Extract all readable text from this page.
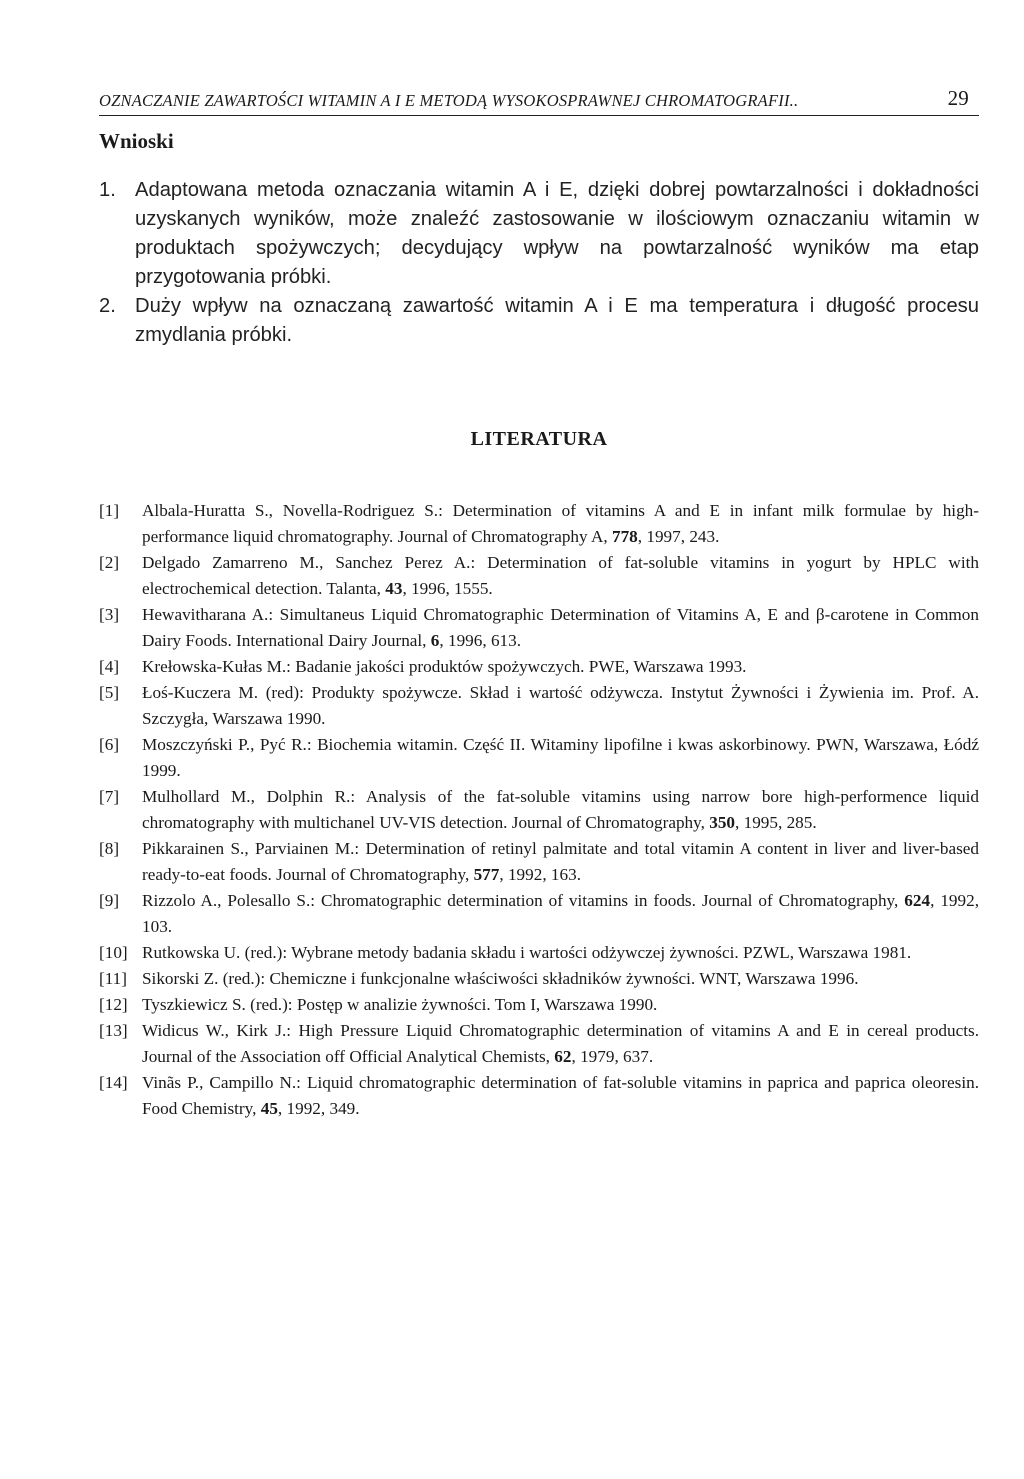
OZNACZANIE ZAWARTOŚCI WITAMIN A I E METODĄ WYSOKOSPRAWNEJ CHROMATOGRAFII..	29
Wnioski
1. Adaptowana metoda oznaczania witamin A i E, dzięki dobrej powtarzalności i dokładności uzyskanych wyników, może znaleźć zastosowanie w ilościowym oznaczaniu witamin w produktach spożywczych; decydujący wpływ na powtarzalność wyników ma etap przygotowania próbki.
2. Duży wpływ na oznaczaną zawartość witamin A i E ma temperatura i długość procesu zmydlania próbki.
LITERATURA
[1] Albala-Huratta S., Novella-Rodriguez S.: Determination of vitamins A and E in infant milk formulae by high-performance liquid chromatography. Journal of Chromatography A, 778, 1997, 243.
[2] Delgado Zamarreno M., Sanchez Perez A.: Determination of fat-soluble vitamins in yogurt by HPLC with electrochemical detection. Talanta, 43, 1996, 1555.
[3] Hewavitharana A.: Simultaneus Liquid Chromatographic Determination of Vitamins A, E and β-carotene in Common Dairy Foods. International Dairy Journal, 6, 1996, 613.
[4] Krełowska-Kułas M.: Badanie jakości produktów spożywczych. PWE, Warszawa 1993.
[5] Łoś-Kuczera M. (red): Produkty spożywcze. Skład i wartość odżywcza. Instytut Żywności i Żywienia im. Prof. A. Szczygła, Warszawa 1990.
[6] Moszczyński P., Pyć R.: Biochemia witamin. Część II. Witaminy lipofilne i kwas askorbinowy. PWN, Warszawa, Łódź 1999.
[7] Mulhollard M., Dolphin R.: Analysis of the fat-soluble vitamins using narrow bore high-performence liquid chromatography with multichanel UV-VIS detection. Journal of Chromatography, 350, 1995, 285.
[8] Pikkarainen S., Parviainen M.: Determination of retinyl palmitate and total vitamin A content in liver and liver-based ready-to-eat foods. Journal of Chromatography, 577, 1992, 163.
[9] Rizzolo A., Polesallo S.: Chromatographic determination of vitamins in foods. Journal of Chromatography, 624, 1992, 103.
[10] Rutkowska U. (red.): Wybrane metody badania składu i wartości odżywczej żywności. PZWL, Warszawa 1981.
[11] Sikorski Z. (red.): Chemiczne i funkcjonalne właściwości składników żywności. WNT, Warszawa 1996.
[12] Tyszkiewicz S. (red.): Postęp w analizie żywności. Tom I, Warszawa 1990.
[13] Widicus W., Kirk J.: High Pressure Liquid Chromatographic determination of vitamins A and E in cereal products. Journal of the Association off Official Analytical Chemists, 62, 1979, 637.
[14] Vinãs P., Campillo N.: Liquid chromatographic determination of fat-soluble vitamins in paprica and paprica oleoresin. Food Chemistry, 45, 1992, 349.
